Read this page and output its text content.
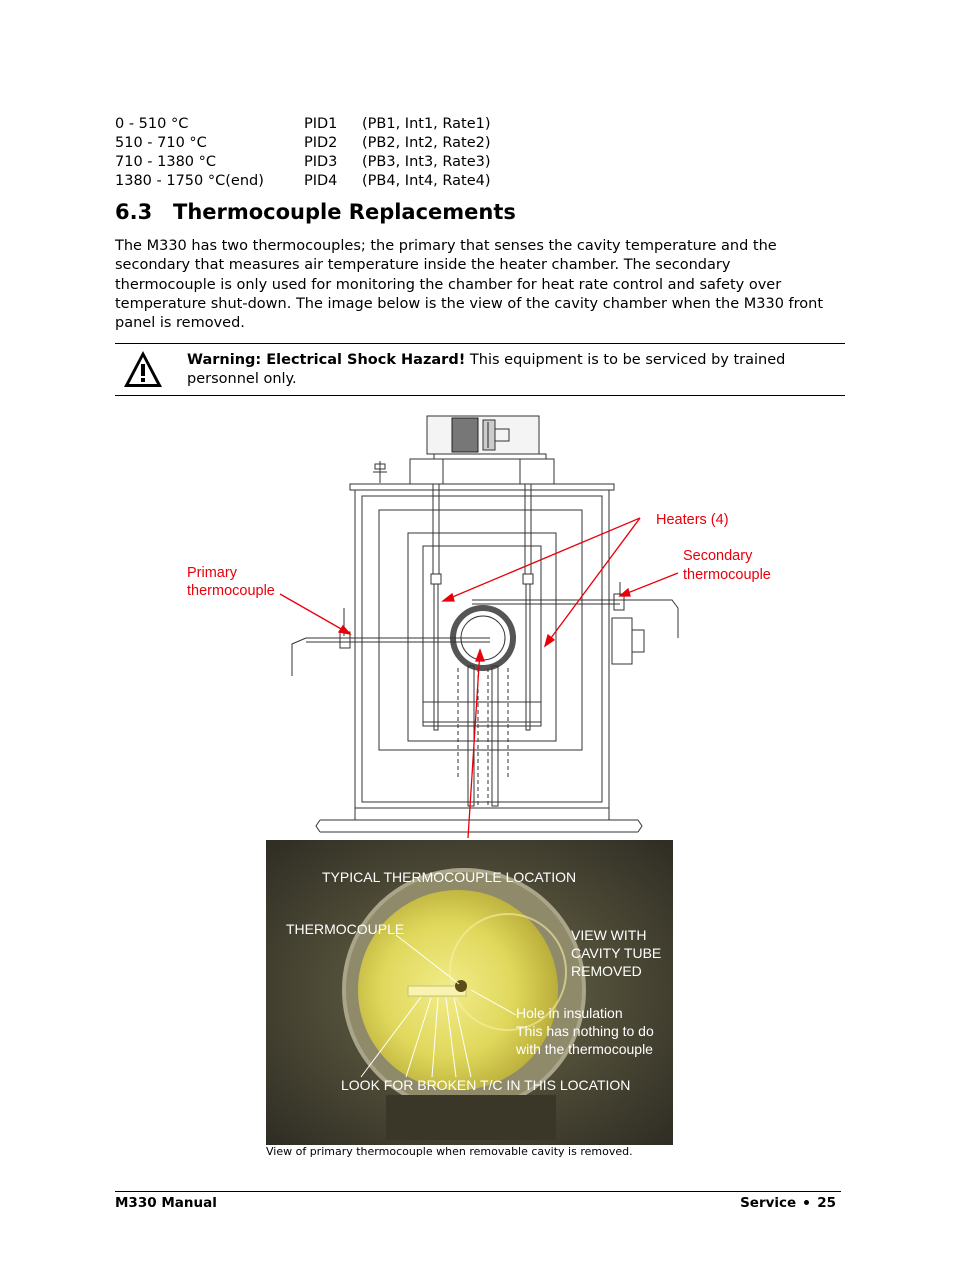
0 - 510 °C	PID1 (PB1, Int1, Rate1)
510 - 710 °C	PID2 (PB2, Int2, Rate2)
710 - 1380 °C	PID3 (PB3, Int3, Rate3)
1380 - 1750 °C(end)	PID4 (PB4, Int4, Rate4)
6.3 Thermocouple Replacements
The M330 has two thermocouples; the primary that senses the cavity temperature and the secondary that measures air temperature inside the heater chamber. The secondary thermocouple is only used for monitoring the chamber for heat rate control and safety over temperature shut-down. The image below is the view of the cavity chamber when the M330 front panel is removed.
Warning: Electrical Shock Hazard! This equipment is to be serviced by trained personnel only.
Heaters (4)
Secondary
thermocouple
Primary
thermocouple
TYPICAL THERMOCOUPLE LOCATION
THERMOCOUPLE	VIEW WITH
CAVITY TUBE
REMOVED
Hole in insulation
This has nothing to do
with the thermocouple
LOOK FOR BROKEN T/C IN THIS LOCATION
View of primary thermocouple when removable cavity is removed.
M330 Manual	Service 25
